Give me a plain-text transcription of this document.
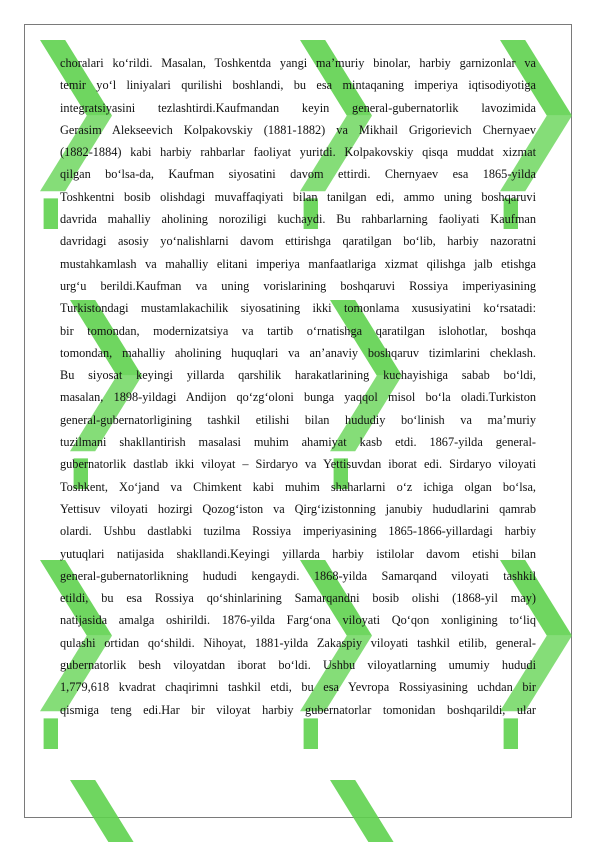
choralari ko‘rildi. Masalan, Toshkentda yangi ma’muriy binolar, harbiy garnizonlar va
temir yo‘l liniyalari qurilishi boshlandi, bu esa mintaqaning imperiya iqtisodiyotiga
integratsiyasini tezlashtirdi.Kaufmandan keyin general-gubernatorlik lavozimida
Gerasim Alekseevich Kolpakovskiy (1881-1882) va Mikhail Grigorievich Chernyaev
(1882-1884) kabi harbiy rahbarlar faoliyat yuritdi. Kolpakovskiy qisqa muddat xizmat
qilgan bo‘lsa-da, Kaufman siyosatini davom ettirdi. Chernyaev esa 1865-yilda
Toshkentni bosib olishdagi muvaffaqiyati bilan tanilgan edi, ammo uning boshqaruvi
davrida mahalliy aholining noroziligi kuchaydi. Bu rahbarlarning faoliyati Kaufman
davridagi asosiy yo‘nalishlarni davom ettirishga qaratilgan bo‘lib, harbiy nazoratni
mustahkamlash va mahalliy elitani imperiya manfaatlariga xizmat qilishga jalb etishga
urg‘u berildi.Kaufman va uning vorislarining boshqaruvi Rossiya imperiyasining
Turkistondagi mustamlakachilik siyosatining ikki tomonlama xususiyatini ko‘rsatadi:
bir tomondan, modernizatsiya va tartib o‘rnatishga qaratilgan islohotlar, boshqa
tomondan, mahalliy aholining huquqlari va an’anaviy boshqaruv tizimlarini cheklash.
Bu siyosat keyingi yillarda qarshilik harakatlarining kuchayishiga sabab bo‘ldi,
masalan, 1898-yildagi Andijon qo‘zg‘oloni bunga yaqqol misol bo‘la oladi.Turkiston
general-gubernatorligining tashkil etilishi bilan hududiy bo‘linish va ma’muriy
tuzilmani shakllantirish masalasi muhim ahamiyat kasb etdi. 1867-yilda general-
gubernatorlik dastlab ikki viloyat – Sirdaryo va Yettisuvdan iborat edi. Sirdaryo viloyati
Toshkent, Xo‘jand va Chimkent kabi muhim shaharlarni o‘z ichiga olgan bo‘lsa,
Yettisuv viloyati hozirgi Qozog‘iston va Qirg‘izistonning janubiy hududlarini qamrab
olardi. Ushbu dastlabki tuzilma Rossiya imperiyasining 1865-1866-yillardagi harbiy
yutuqlari natijasida shakllandi.Keyingi yillarda harbiy istilolar davom etishi bilan
general-gubernatorlikning hududi kengaydi. 1868-yilda Samarqand viloyati tashkil
etildi, bu esa Rossiya qo‘shinlarining Samarqandni bosib olishi (1868-yil may)
natijasida amalga oshirildi. 1876-yilda Farg‘ona viloyati Qo‘qon xonligining to‘liq
qulashi ortidan qo‘shildi. Nihoyat, 1881-yilda Zakaspiy viloyati tashkil etilib, general-
gubernatorlik besh viloyatdan iborat bo‘ldi. Ushbu viloyatlarning umumiy hududi
1,779,618 kvadrat chaqirimni tashkil etdi, bu esa Yevropa Rossiyasining uchdan bir
qismiga teng edi.Har bir viloyat harbiy gubernatorlar tomonidan boshqarildi, ular
